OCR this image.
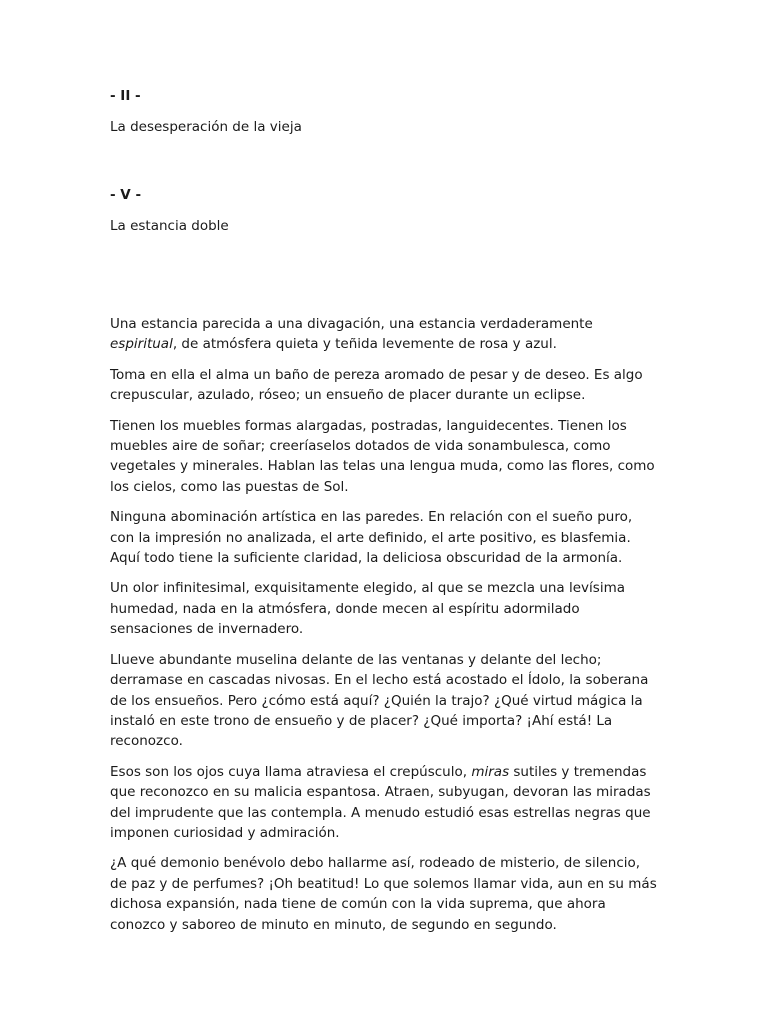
- II -

La desesperación de la vieja

- V -

La estancia doble

Una estancia parecida a una divagación, una estancia verdaderamente espiritual, de atmósfera quieta y teñida levemente de rosa y azul.

Toma en ella el alma un baño de pereza aromado de pesar y de deseo. Es algo crepuscular, azulado, róseo; un ensueño de placer durante un eclipse.

Tienen los muebles formas alargadas, postradas, languidecentes. Tienen los muebles aire de soñar; creeríaselos dotados de vida sonambulesca, como vegetales y minerales. Hablan las telas una lengua muda, como las flores, como los cielos, como las puestas de Sol.

Ninguna abominación artística en las paredes. En relación con el sueño puro, con la impresión no analizada, el arte definido, el arte positivo, es blasfemia. Aquí todo tiene la suficiente claridad, la deliciosa obscuridad de la armonía.

Un olor infinitesimal, exquisitamente elegido, al que se mezcla una levísima humedad, nada en la atmósfera, donde mecen al espíritu adormilado sensaciones de invernadero.

Llueve abundante muselina delante de las ventanas y delante del lecho; derramase en cascadas nivosas. En el lecho está acostado el Ídolo, la soberana de los ensueños. Pero ¿cómo está aquí? ¿Quién la trajo? ¿Qué virtud mágica la instaló en este trono de ensueño y de placer? ¿Qué importa? ¡Ahí está! La reconozco.

Esos son los ojos cuya llama atraviesa el crepúsculo, miras sutiles y tremendas que reconozco en su malicia espantosa. Atraen, subyugan, devoran las miradas del imprudente que las contempla. A menudo estudió esas estrellas negras que imponen curiosidad y admiración.

¿A qué demonio benévolo debo hallarme así, rodeado de misterio, de silencio, de paz y de perfumes? ¡Oh beatitud! Lo que solemos llamar vida, aun en su más dichosa expansión, nada tiene de común con la vida suprema, que ahora conozco y saboreo de minuto en minuto, de segundo en segundo.
